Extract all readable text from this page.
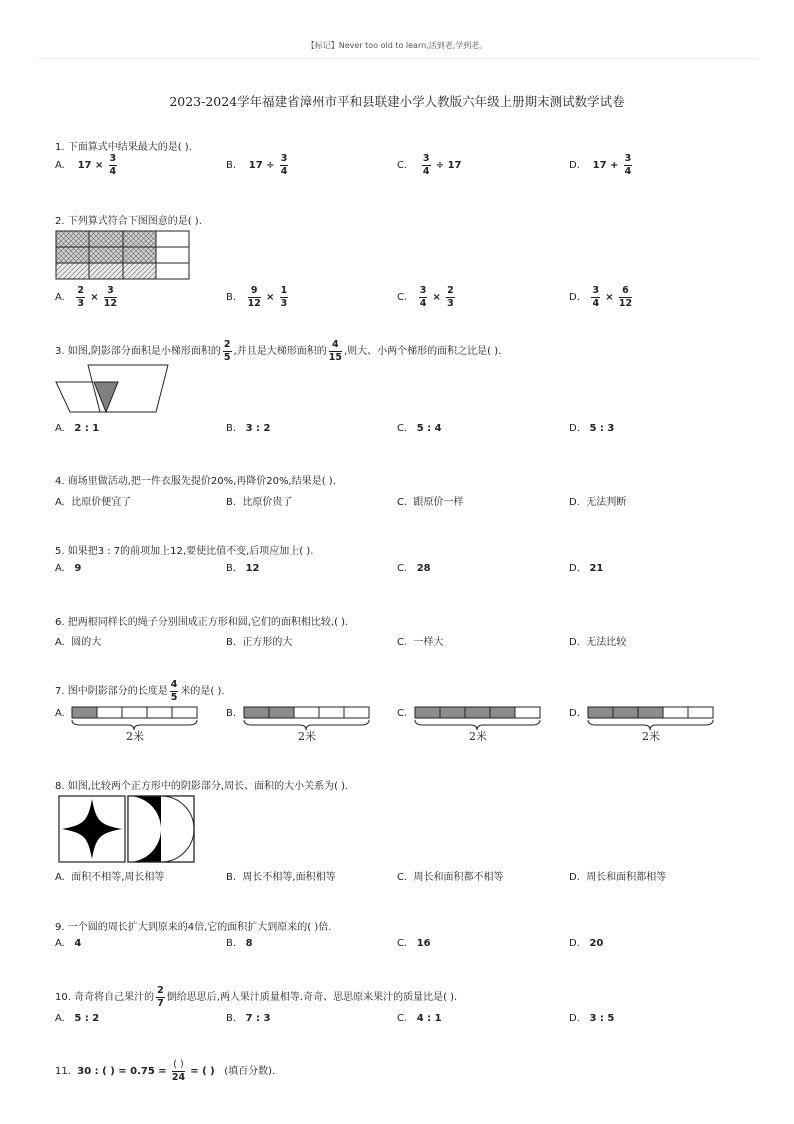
【标记】Never too old to learn,活到老,学到老。
2023-2024学年福建省漳州市平和县联建小学人教版六年级上册期末测试数学试卷
1. 下面算式中结果最大的是( ).
A. $17 \times \frac{3}{4}$	B. $17 \div \frac{3}{4}$	C. $\frac{3}{4} \div 17$	D. $17 + \frac{3}{4}$
2. 下列算式符合下图图意的是( ).
A. $\frac{2}{3} \times \frac{3}{12}$	B. $\frac{9}{12} \times \frac{1}{3}$	C. $\frac{3}{4} \times \frac{2}{3}$	D. $\frac{3}{4} \times \frac{6}{12}$
3. 如图,阴影部分面积是小梯形面积的 $\frac{2}{5}$ ,并且是大梯形面积的 $\frac{4}{15}$ ,则大、小两个梯形的面积之比是( ).
A. 2 : 1	B. 3 : 2	C. 5 : 4	D. 5 : 3
4. 商场里做活动,把一件衣服先提价20%,再降价20%,结果是( ).
A. 比原价便宜了	B. 比原价贵了	C. 跟原价一样	D. 无法判断
5. 如果把3 : 7的前项加上12,要使比值不变,后项应加上( ).
A. 9	B. 12	C. 28	D. 21
6. 把两根同样长的绳子分别围成正方形和圆,它们的面积相比较,( ).
A. 圆的大	B. 正方形的大	C. 一样大	D. 无法比较
7. 图中阴影部分的长度是 $\frac{4}{5}$ 米的是( ).
A.	B.	C.	D.
2米	2米	2米	2米
8. 如图,比较两个正方形中的阴影部分,周长、面积的大小关系为( ).
A. 面积不相等,周长相等	B. 周长不相等,面积相等	C. 周长和面积都不相等	D. 周长和面积都相等
9. 一个圆的周长扩大到原来的4倍,它的面积扩大到原来的( )倍.
A. 4	B. 8	C. 16	D. 20
10. 奇奇将自己果汁的 $\frac{2}{7}$ 倒给思思后,两人果汁质量相等.奇奇、思思原来果汁的质量比是( ).
A. 5 : 2	B. 7 : 3	C. 4 : 1	D. 3 : 5
11. 30 : ( ) = $0.75 = \frac{( )}{24}$ = ( ) (填百分数).
